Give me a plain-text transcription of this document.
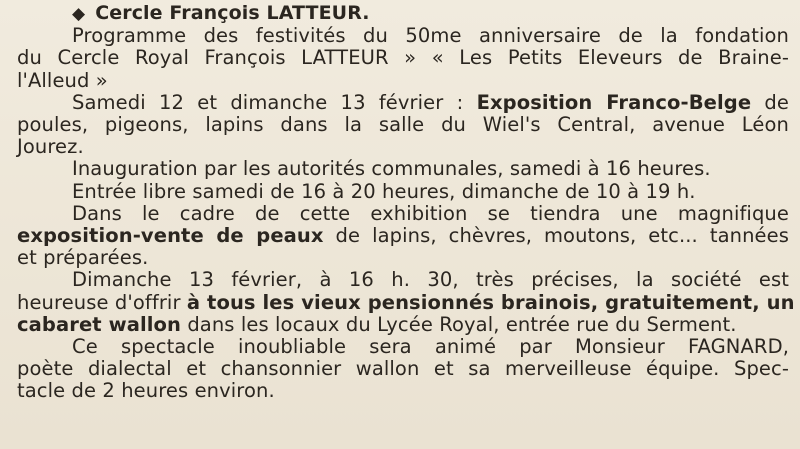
◆ Cercle François LATTEUR.
Programme des festivités du 50me anniversaire de la fondation
du Cercle Royal François LATTEUR » « Les Petits Eleveurs de Braine-
l'Alleud »
Samedi 12 et dimanche 13 février : Exposition Franco-Belge de
poules, pigeons, lapins dans la salle du Wiel's Central, avenue Léon
Jourez.
Inauguration par les autorités communales, samedi à 16 heures.
Entrée libre samedi de 16 à 20 heures, dimanche de 10 à 19 h.
Dans le cadre de cette exhibition se tiendra une magnifique
exposition-vente de peaux de lapins, chèvres, moutons, etc... tannées
et préparées.
Dimanche 13 février, à 16 h. 30, très précises, la société est
heureuse d'offrir à tous les vieux pensionnés brainois, gratuitement, un
cabaret wallon dans les locaux du Lycée Royal, entrée rue du Serment.
Ce spectacle inoubliable sera animé par Monsieur FAGNARD,
poète dialectal et chansonnier wallon et sa merveilleuse équipe. Spec-
tacle de 2 heures environ.
